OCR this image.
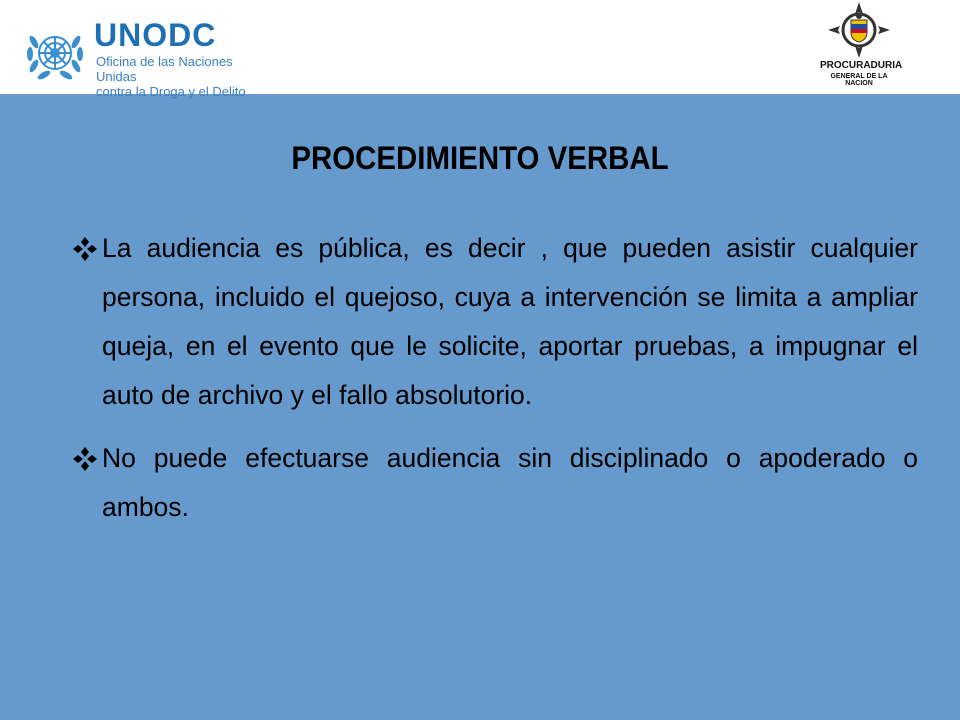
UNODC
Oficina de las Naciones Unidas
contra la Droga y el Delito
PROCURADURIA
GENERAL DE LA NACION
PROCEDIMIENTO VERBAL
La audiencia es pública, es decir , que pueden asistir cualquier persona, incluido el quejoso, cuya a intervención se limita a ampliar queja, en el evento que le solicite, aportar pruebas, a impugnar el auto de archivo y el fallo absolutorio.
No puede efectuarse audiencia sin disciplinado o apoderado o ambos.
